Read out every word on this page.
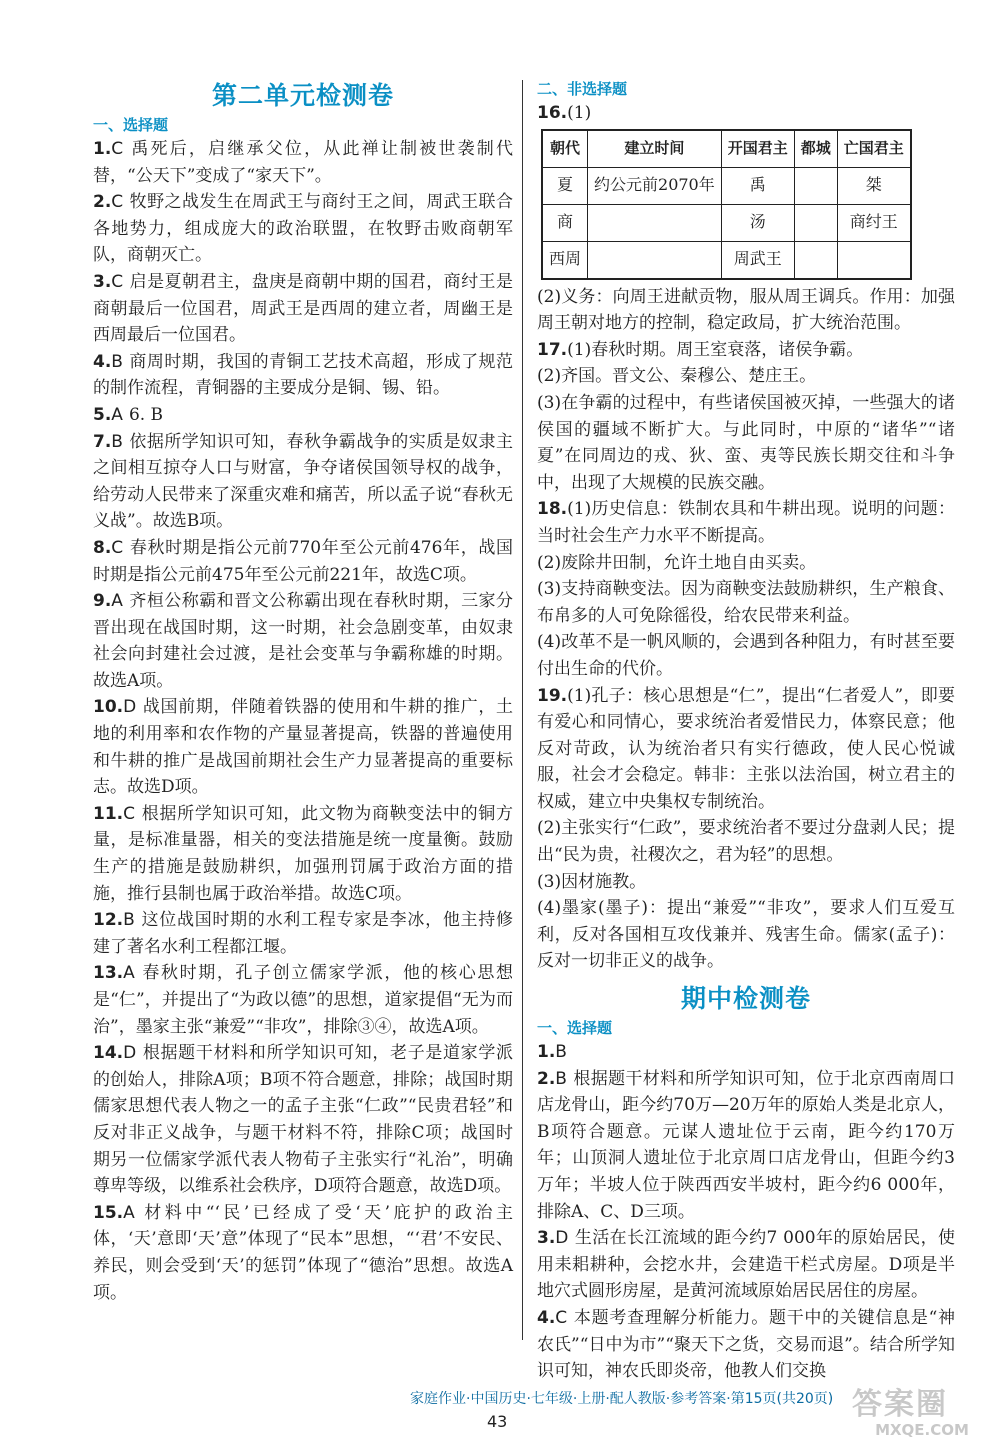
第二单元检测卷
一、选择题
1.C 禹死后，启继承父位，从此禅让制被世袭制代替，“公天下”变成了“家天下”。
2.C 牧野之战发生在周武王与商纣王之间，周武王联合各地势力，组成庞大的政治联盟，在牧野击败商朝军队，商朝灭亡。
3.C 启是夏朝君主，盘庚是商朝中期的国君，商纣王是商朝最后一位国君，周武王是西周的建立者，周幽王是西周最后一位国君。
4.B 商周时期，我国的青铜工艺技术高超，形成了规范的制作流程，青铜器的主要成分是铜、锡、铅。
5.A 6. B
7.B 依据所学知识可知，春秋争霸战争的实质是奴隶主之间相互掠夺人口与财富，争夺诸侯国领导权的战争，给劳动人民带来了深重灾难和痛苦，所以孟子说“春秋无义战”。故选B项。
8.C 春秋时期是指公元前770年至公元前476年，战国时期是指公元前475年至公元前221年，故选C项。
9.A 齐桓公称霸和晋文公称霸出现在春秋时期，三家分晋出现在战国时期，这一时期，社会急剧变革，由奴隶社会向封建社会过渡，是社会变革与争霸称雄的时期。故选A项。
10.D 战国前期，伴随着铁器的使用和牛耕的推广，土地的利用率和农作物的产量显著提高，铁器的普遍使用和牛耕的推广是战国前期社会生产力显著提高的重要标志。故选D项。
11.C 根据所学知识可知，此文物为商鞅变法中的铜方量，是标准量器，相关的变法措施是统一度量衡。鼓励生产的措施是鼓励耕织，加强刑罚属于政治方面的措施，推行县制也属于政治举措。故选C项。
12.B 这位战国时期的水利工程专家是李冰，他主持修建了著名水利工程都江堰。
13.A 春秋时期，孔子创立儒家学派，他的核心思想是“仁”，并提出了“为政以德”的思想，道家提倡“无为而治”，墨家主张“兼爱”“非攻”，排除③④，故选A项。
14.D 根据题干材料和所学知识可知，老子是道家学派的创始人，排除A项；B项不符合题意，排除；战国时期儒家思想代表人物之一的孟子主张“仁政”“民贵君轻”和反对非正义战争，与题干材料不符，排除C项；战国时期另一位儒家学派代表人物荀子主张实行“礼治”，明确尊卑等级，以维系社会秩序，D项符合题意，故选D项。
15.A 材料中“‘民’已经成了受‘天’庇护的政治主体，‘天’意即‘天’意”体现了“民本”思想，“‘君’不安民、养民，则会受到‘天’的惩罚”体现了“德治”思想。故选A项。
二、非选择题
16.(1)
朝代	建立时间	开国君主	都城	亡国君主
夏	约公元前2070年	禹		桀
商		汤		商纣王
西周		周武王		
(2)义务：向周王进献贡物，服从周王调兵。作用：加强周王朝对地方的控制，稳定政局，扩大统治范围。
17.(1)春秋时期。周王室衰落，诸侯争霸。
(2)齐国。晋文公、秦穆公、楚庄王。
(3)在争霸的过程中，有些诸侯国被灭掉，一些强大的诸侯国的疆域不断扩大。与此同时，中原的“诸华”“诸夏”在同周边的戎、狄、蛮、夷等民族长期交往和斗争中，出现了大规模的民族交融。
18.(1)历史信息：铁制农具和牛耕出现。说明的问题：当时社会生产力水平不断提高。
(2)废除井田制，允许土地自由买卖。
(3)支持商鞅变法。因为商鞅变法鼓励耕织，生产粮食、布帛多的人可免除徭役，给农民带来利益。
(4)改革不是一帆风顺的，会遇到各种阻力，有时甚至要付出生命的代价。
19.(1)孔子：核心思想是“仁”，提出“仁者爱人”，即要有爱心和同情心，要求统治者爱惜民力，体察民意；他反对苛政，认为统治者只有实行德政，使人民心悦诚服，社会才会稳定。韩非：主张以法治国，树立君主的权威，建立中央集权专制统治。
(2)主张实行“仁政”，要求统治者不要过分盘剥人民；提出“民为贵，社稷次之，君为轻”的思想。
(3)因材施教。
(4)墨家(墨子)：提出“兼爱”“非攻”，要求人们互爱互利，反对各国相互攻伐兼并、残害生命。儒家(孟子)：反对一切非正义的战争。
期中检测卷
一、选择题
1.B
2.B 根据题干材料和所学知识可知，位于北京西南周口店龙骨山，距今约70万—20万年的原始人类是北京人，B项符合题意。元谋人遗址位于云南，距今约170万年；山顶洞人遗址位于北京周口店龙骨山，但距今约3万年；半坡人位于陕西西安半坡村，距今约6 000年，排除A、C、D三项。
3.D 生活在长江流域的距今约7 000年的原始居民，使用耒耜耕种，会挖水井，会建造干栏式房屋。D项是半地穴式圆形房屋，是黄河流域原始居民居住的房屋。
4.C 本题考查理解分析能力。题干中的关键信息是“神农氏”“日中为市”“聚天下之货，交易而退”。结合所学知识可知，神农氏即炎帝，他教人们交换
家庭作业·中国历史·七年级·上册·配人教版·参考答案·第15页(共20页)
43	答案圈
MXQE.COM
